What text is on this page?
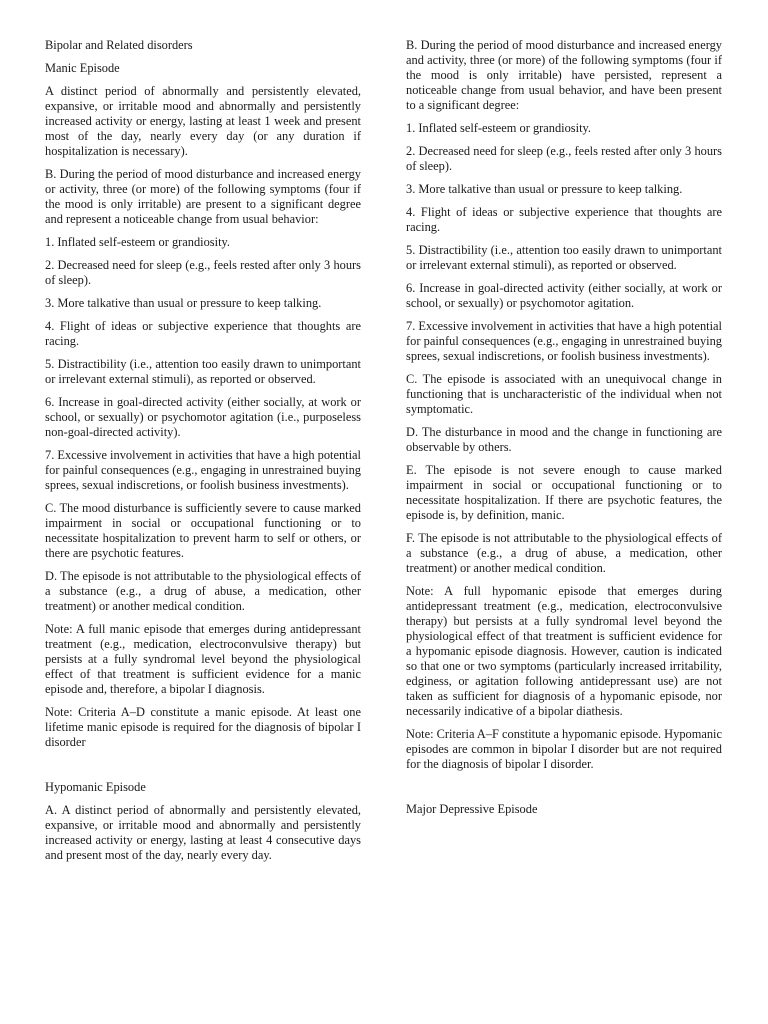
Bipolar and Related disorders

Manic Episode

A distinct period of abnormally and persistently elevated, expansive, or irritable mood and abnormally and persistently increased activity or energy, lasting at least 1 week and present most of the day, nearly every day (or any duration if hospitalization is necessary).

B. During the period of mood disturbance and increased energy or activity, three (or more) of the following symptoms (four if the mood is only irritable) are present to a significant degree and represent a noticeable change from usual behavior:

1. Inflated self-esteem or grandiosity.

2. Decreased need for sleep (e.g., feels rested after only 3 hours of sleep).

3. More talkative than usual or pressure to keep talking.

4. Flight of ideas or subjective experience that thoughts are racing.

5. Distractibility (i.e., attention too easily drawn to unimportant or irrelevant external stimuli), as reported or observed.

6. Increase in goal-directed activity (either socially, at work or school, or sexually) or psychomotor agitation (i.e., purposeless non-goal-directed activity).

7. Excessive involvement in activities that have a high potential for painful consequences (e.g., engaging in unrestrained buying sprees, sexual indiscretions, or foolish business investments).

C. The mood disturbance is sufficiently severe to cause marked impairment in social or occupational functioning or to necessitate hospitalization to prevent harm to self or others, or there are psychotic features.

D. The episode is not attributable to the physiological effects of a substance (e.g., a drug of abuse, a medication, other treatment) or another medical condition.

Note: A full manic episode that emerges during antidepressant treatment (e.g., medication, electroconvulsive therapy) but persists at a fully syndromal level beyond the physiological effect of that treatment is sufficient evidence for a manic episode and, therefore, a bipolar I diagnosis.

Note: Criteria A–D constitute a manic episode. At least one lifetime manic episode is required for the diagnosis of bipolar I disorder

Hypomanic Episode

A. A distinct period of abnormally and persistently elevated, expansive, or irritable mood and abnormally and persistently increased activity or energy, lasting at least 4 consecutive days and present most of the day, nearly every day.

B. During the period of mood disturbance and increased energy and activity, three (or more) of the following symptoms (four if the mood is only irritable) have persisted, represent a noticeable change from usual behavior, and have been present to a significant degree:

1. Inflated self-esteem or grandiosity.

2. Decreased need for sleep (e.g., feels rested after only 3 hours of sleep).

3. More talkative than usual or pressure to keep talking.

4. Flight of ideas or subjective experience that thoughts are racing.

5. Distractibility (i.e., attention too easily drawn to unimportant or irrelevant external stimuli), as reported or observed.

6. Increase in goal-directed activity (either socially, at work or school, or sexually) or psychomotor agitation.

7. Excessive involvement in activities that have a high potential for painful consequences (e.g., engaging in unrestrained buying sprees, sexual indiscretions, or foolish business investments).

C. The episode is associated with an unequivocal change in functioning that is uncharacteristic of the individual when not symptomatic.

D. The disturbance in mood and the change in functioning are observable by others.

E. The episode is not severe enough to cause marked impairment in social or occupational functioning or to necessitate hospitalization. If there are psychotic features, the episode is, by definition, manic.

F. The episode is not attributable to the physiological effects of a substance (e.g., a drug of abuse, a medication, other treatment) or another medical condition.

Note: A full hypomanic episode that emerges during antidepressant treatment (e.g., medication, electroconvulsive therapy) but persists at a fully syndromal level beyond the physiological effect of that treatment is sufficient evidence for a hypomanic episode diagnosis. However, caution is indicated so that one or two symptoms (particularly increased irritability, edginess, or agitation following antidepressant use) are not taken as sufficient for diagnosis of a hypomanic episode, nor necessarily indicative of a bipolar diathesis.

Note: Criteria A–F constitute a hypomanic episode. Hypomanic episodes are common in bipolar I disorder but are not required for the diagnosis of bipolar I disorder.

Major Depressive Episode
